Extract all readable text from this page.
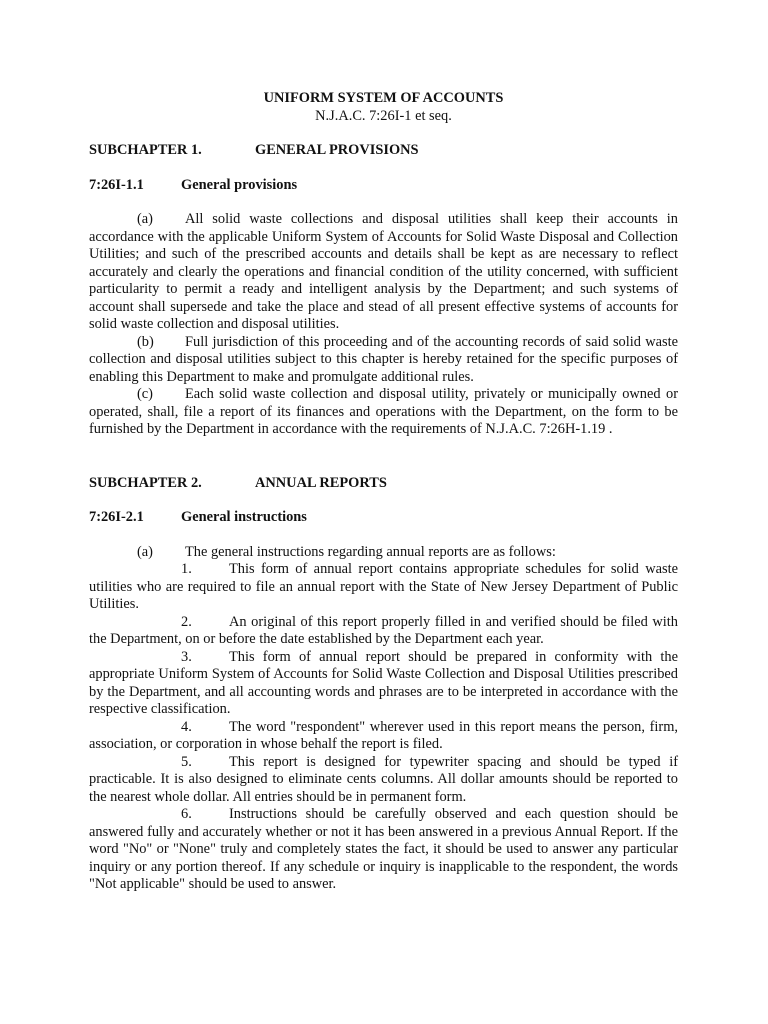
UNIFORM SYSTEM OF ACCOUNTS

N.J.A.C. 7:26I-1 et seq.

SUBCHAPTER 1.	GENERAL PROVISIONS

7:26I-1.1	General provisions

(a) All solid waste collections and disposal utilities shall keep their accounts in accordance with the applicable Uniform System of Accounts for Solid Waste Disposal and Collection Utilities; and such of the prescribed accounts and details shall be kept as are necessary to reflect accurately and clearly the operations and financial condition of the utility concerned, with sufficient particularity to permit a ready and intelligent analysis by the Department; and such systems of account shall supersede and take the place and stead of all present effective systems of accounts for solid waste collection and disposal utilities.

(b) Full jurisdiction of this proceeding and of the accounting records of said solid waste collection and disposal utilities subject to this chapter is hereby retained for the specific purposes of enabling this Department to make and promulgate additional rules.

(c) Each solid waste collection and disposal utility, privately or municipally owned or operated, shall, file a report of its finances and operations with the Department, on the form to be furnished by the Department in accordance with the requirements of N.J.A.C. 7:26H-1.19 .

SUBCHAPTER 2.	ANNUAL REPORTS

7:26I-2.1	General instructions

(a) The general instructions regarding annual reports are as follows:

1.	This form of annual report contains appropriate schedules for solid waste utilities who are required to file an annual report with the State of New Jersey Department of Public Utilities.

2.	An original of this report properly filled in and verified should be filed with the Department, on or before the date established by the Department each year.

3.	This form of annual report should be prepared in conformity with the appropriate Uniform System of Accounts for Solid Waste Collection and Disposal Utilities prescribed by the Department, and all accounting words and phrases are to be interpreted in accordance with the respective classification.

4.	The word "respondent" wherever used in this report means the person, firm, association, or corporation in whose behalf the report is filed.

5.	This report is designed for typewriter spacing and should be typed if practicable. It is also designed to eliminate cents columns. All dollar amounts should be reported to the nearest whole dollar. All entries should be in permanent form.

6.	Instructions should be carefully observed and each question should be answered fully and accurately whether or not it has been answered in a previous Annual Report. If the word "No" or "None" truly and completely states the fact, it should be used to answer any particular inquiry or any portion thereof. If any schedule or inquiry is inapplicable to the respondent, the words "Not applicable" should be used to answer.
